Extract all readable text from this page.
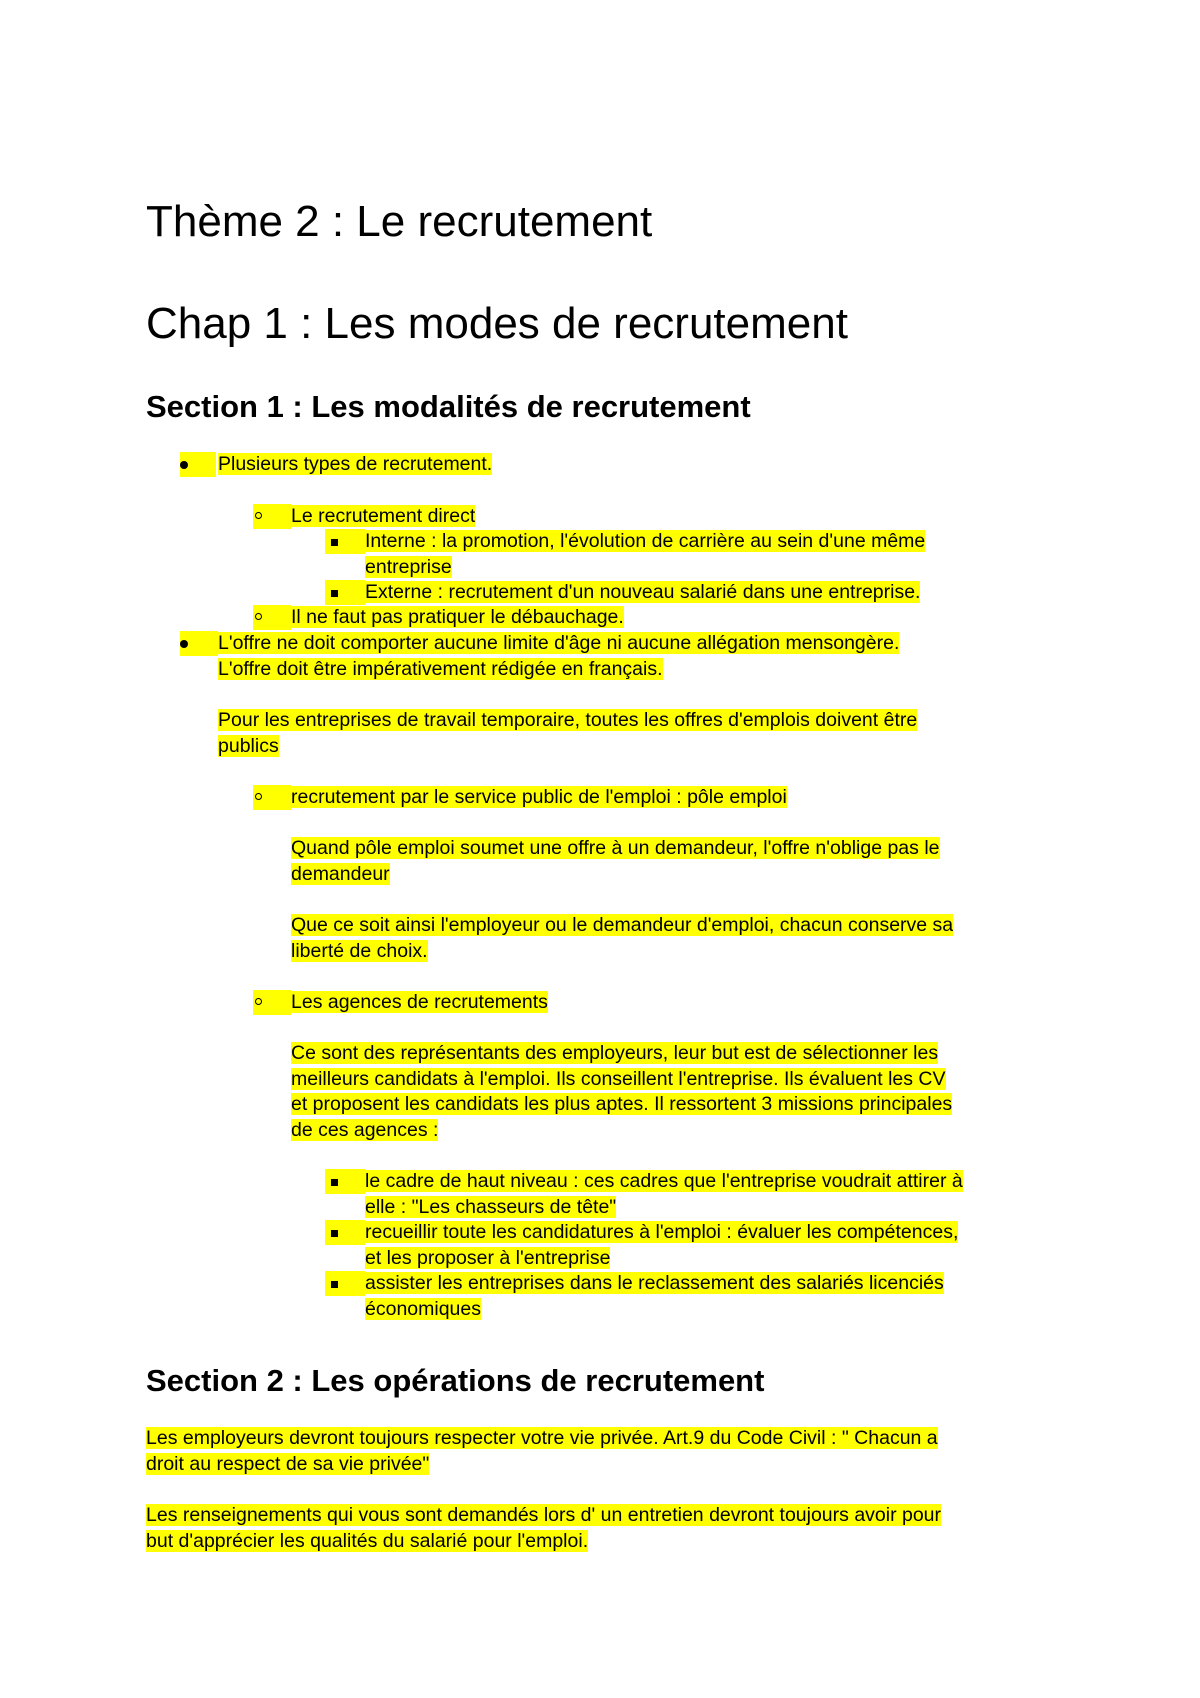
Thème 2 : Le recrutement
Chap 1 : Les modes de recrutement
Section 1 : Les modalités de recrutement
Plusieurs types de recrutement.
Le recrutement direct
Interne : la promotion, l'évolution de carrière au sein d'une même
entreprise
Externe : recrutement d'un nouveau salarié dans une entreprise.
Il ne faut pas pratiquer le débauchage.
L'offre ne doit comporter aucune limite d'âge ni aucune allégation mensongère.
L'offre doit être impérativement rédigée en français.
Pour les entreprises de travail temporaire, toutes les offres d'emplois doivent être
publics
recrutement par le service public de l'emploi : pôle emploi
Quand pôle emploi soumet une offre à un demandeur, l'offre n'oblige pas le
demandeur
Que ce soit ainsi l'employeur ou le demandeur d'emploi, chacun conserve sa
liberté de choix.
Les agences de recrutements
Ce sont des représentants des employeurs, leur but est de sélectionner les
meilleurs candidats à l'emploi. Ils conseillent l'entreprise. Ils évaluent les CV
et proposent les candidats les plus aptes. Il ressortent 3 missions principales
de ces agences :
le cadre de haut niveau : ces cadres que l'entreprise voudrait attirer à
elle : "Les chasseurs de tête"
recueillir toute les candidatures à l'emploi : évaluer les compétences,
et les proposer à l'entreprise
assister les entreprises dans le reclassement des salariés licenciés
économiques
Section 2 : Les opérations de recrutement
Les employeurs devront toujours respecter votre vie privée. Art.9 du Code Civil : " Chacun a
droit au respect de sa vie privée"
Les renseignements qui vous sont demandés lors d' un entretien devront toujours avoir pour
but d'apprécier les qualités du salarié pour l'emploi.
